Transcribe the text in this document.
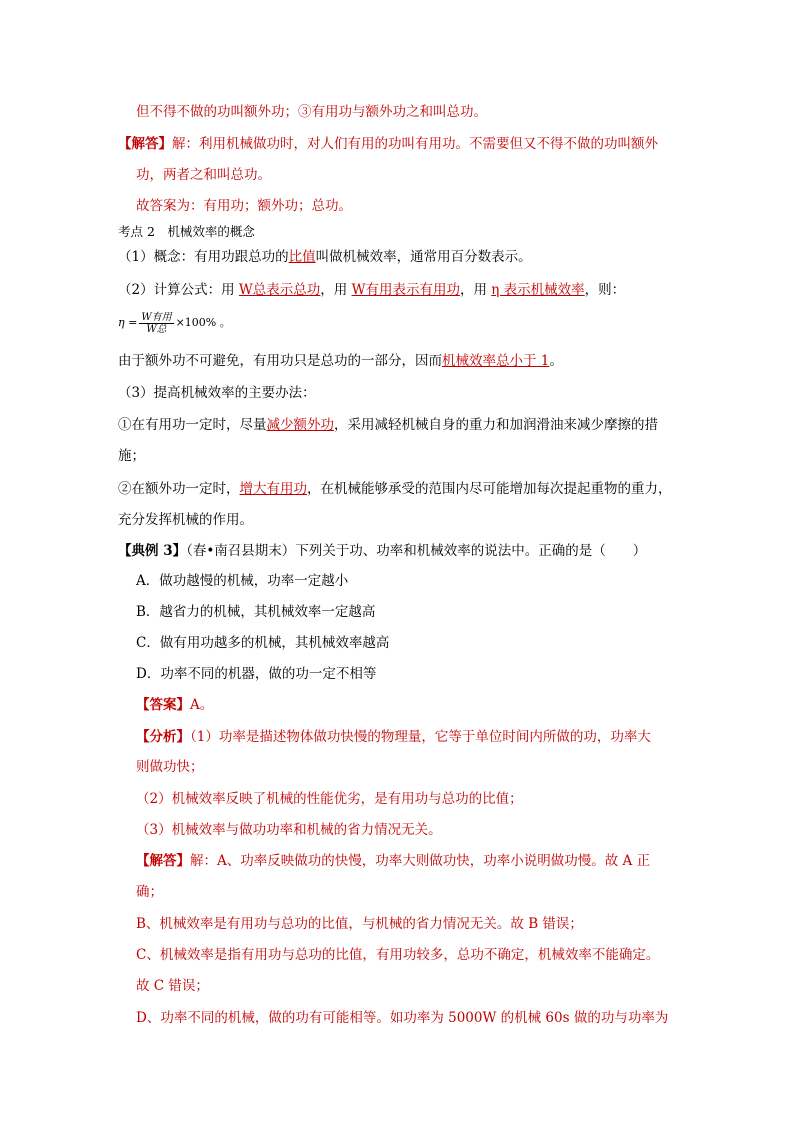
但不得不做的功叫额外功；③有用功与额外功之和叫总功。
【解答】解：利用机械做功时，对人们有用的功叫有用功。不需要但又不得不做的功叫额外
功，两者之和叫总功。
故答案为：有用功；额外功；总功。
考点 2　机械效率的概念
（1）概念：有用功跟总功的比值叫做机械效率，通常用百分数表示。
（2）计算公式：用 W总表示总功，用 W有用表示有用功，用 η 表示机械效率，则：
$\eta = \frac{\text{W有用}}{\text{W总}} \times 100\%$ 。
由于额外功不可避免，有用功只是总功的一部分，因而机械效率总小于 1。
（3）提高机械效率的主要办法：
①在有用功一定时，尽量减少额外功，采用减轻机械自身的重力和加润滑油来减少摩擦的措
施；
②在额外功一定时，增大有用功，在机械能够承受的范围内尽可能增加每次提起重物的重力，
充分发挥机械的作用。
【典例 3】（春•南召县期末）下列关于功、功率和机械效率的说法中。正确的是（　　）
A．做功越慢的机械，功率一定越小
B．越省力的机械，其机械效率一定越高
C．做有用功越多的机械，其机械效率越高
D．功率不同的机器，做的功一定不相等
【答案】A。
【分析】（1）功率是描述物体做功快慢的物理量，它等于单位时间内所做的功，功率大
则做功快；
（2）机械效率反映了机械的性能优劣，是有用功与总功的比值；
（3）机械效率与做功功率和机械的省力情况无关。
【解答】解：A、功率反映做功的快慢，功率大则做功快，功率小说明做功慢。故 A 正
确；
B、机械效率是有用功与总功的比值，与机械的省力情况无关。故 B 错误；
C、机械效率是指有用功与总功的比值，有用功较多，总功不确定，机械效率不能确定。
故 C 错误；
D、功率不同的机械，做的功有可能相等。如功率为 5000W 的机械 60s 做的功与功率为
